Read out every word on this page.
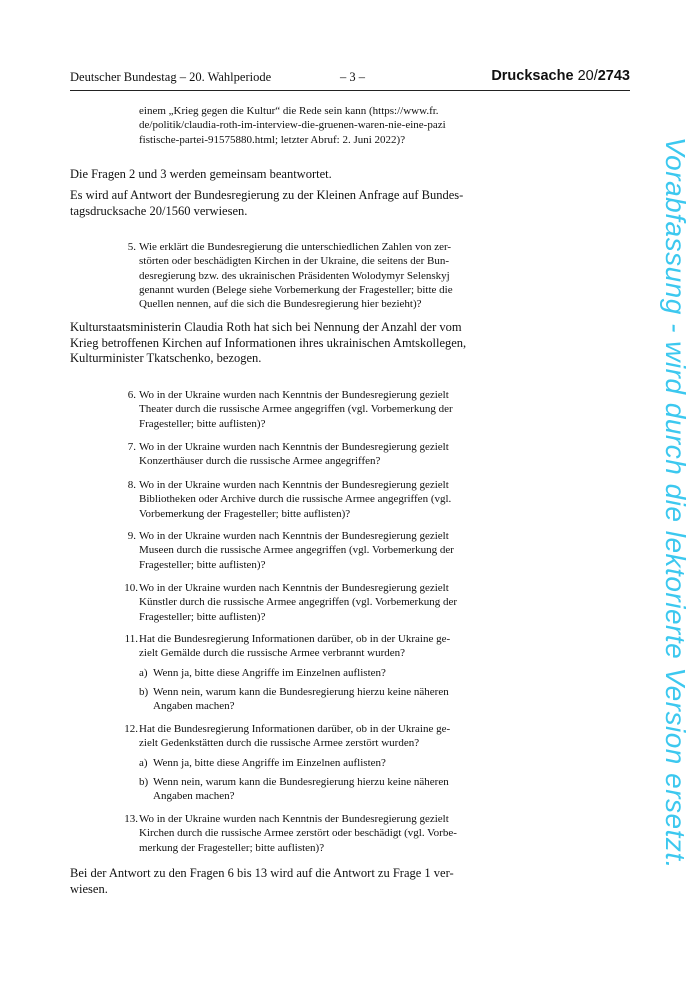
Deutscher Bundestag – 20. Wahlperiode	– 3 –	Drucksache 20/2743
einem „Krieg gegen die Kultur“ die Rede sein kann (https://www.fr.
de/politik/claudia-roth-im-interview-die-gruenen-waren-nie-eine-pazi
fistische-partei-91575880.html; letzter Abruf: 2. Juni 2022)?
Die Fragen 2 und 3 werden gemeinsam beantwortet.
Es wird auf Antwort der Bundesregierung zu der Kleinen Anfrage auf Bundes-
tagsdrucksache 20/1560 verwiesen.
5. Wie erklärt die Bundesregierung die unterschiedlichen Zahlen von zer-
störten oder beschädigten Kirchen in der Ukraine, die seitens der Bun-
desregierung bzw. des ukrainischen Präsidenten Wolodymyr Selenskyj
genannt wurden (Belege siehe Vorbemerkung der Fragesteller; bitte die
Quellen nennen, auf die sich die Bundesregierung hier bezieht)?
Kulturstaatsministerin Claudia Roth hat sich bei Nennung der Anzahl der vom
Krieg betroffenen Kirchen auf Informationen ihres ukrainischen Amtskollegen,
Kulturminister Tkatschenko, bezogen.
6. Wo in der Ukraine wurden nach Kenntnis der Bundesregierung gezielt
Theater durch die russische Armee angegriffen (vgl. Vorbemerkung der
Fragesteller; bitte auflisten)?
7. Wo in der Ukraine wurden nach Kenntnis der Bundesregierung gezielt
Konzerthäuser durch die russische Armee angegriffen?
8. Wo in der Ukraine wurden nach Kenntnis der Bundesregierung gezielt
Bibliotheken oder Archive durch die russische Armee angegriffen (vgl.
Vorbemerkung der Fragesteller; bitte auflisten)?
9. Wo in der Ukraine wurden nach Kenntnis der Bundesregierung gezielt
Museen durch die russische Armee angegriffen (vgl. Vorbemerkung der
Fragesteller; bitte auflisten)?
10. Wo in der Ukraine wurden nach Kenntnis der Bundesregierung gezielt
Künstler durch die russische Armee angegriffen (vgl. Vorbemerkung der
Fragesteller; bitte auflisten)?
11. Hat die Bundesregierung Informationen darüber, ob in der Ukraine ge-
zielt Gemälde durch die russische Armee verbrannt wurden?
a) Wenn ja, bitte diese Angriffe im Einzelnen auflisten?
b) Wenn nein, warum kann die Bundesregierung hierzu keine näheren
Angaben machen?
12. Hat die Bundesregierung Informationen darüber, ob in der Ukraine ge-
zielt Gedenkstätten durch die russische Armee zerstört wurden?
a) Wenn ja, bitte diese Angriffe im Einzelnen auflisten?
b) Wenn nein, warum kann die Bundesregierung hierzu keine näheren
Angaben machen?
13. Wo in der Ukraine wurden nach Kenntnis der Bundesregierung gezielt
Kirchen durch die russische Armee zerstört oder beschädigt (vgl. Vorbe-
merkung der Fragesteller; bitte auflisten)?
Bei der Antwort zu den Fragen 6 bis 13 wird auf die Antwort zu Frage 1 ver-
wiesen.
Vorabfassung - wird durch die lektorierte Version ersetzt.
